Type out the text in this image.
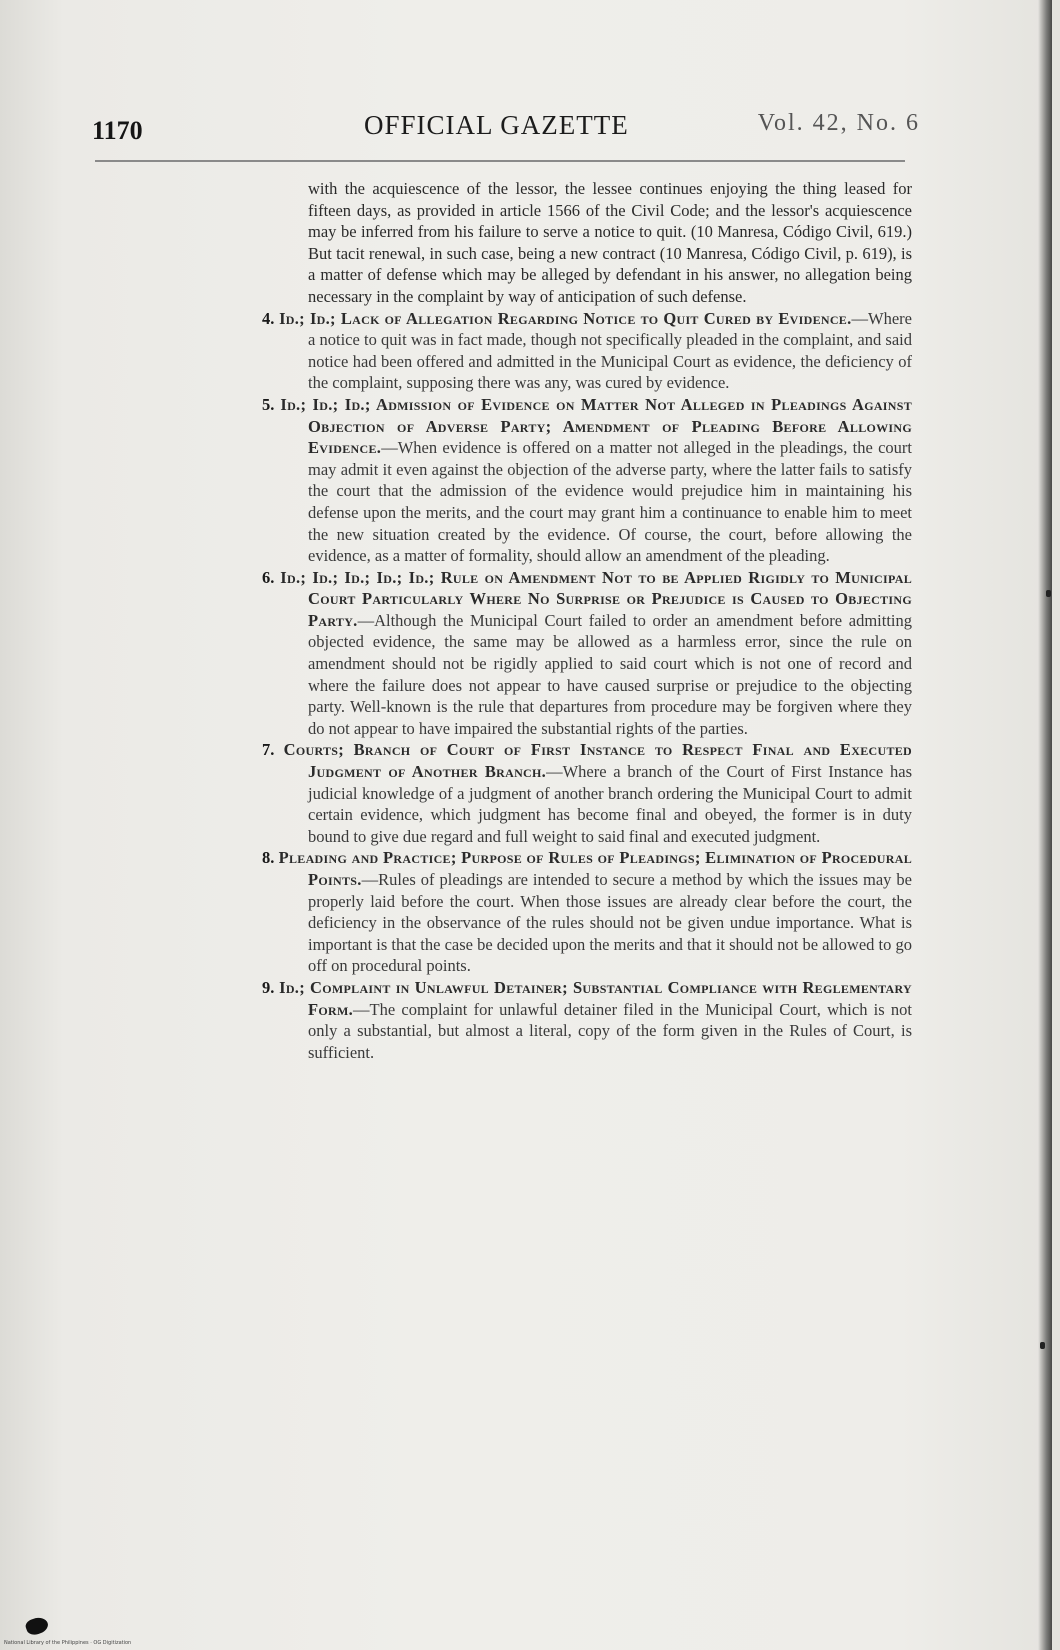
1170	OFFICIAL GAZETTE	Vol. 42, No. 6

with the acquiescence of the lessor, the lessee continues enjoying the thing leased for fifteen days, as provided in article 1566 of the Civil Code; and the lessor's acquiescence may be inferred from his failure to serve a notice to quit. (10 Manresa, Código Civil, 619.) But tacit renewal, in such case, being a new contract (10 Manresa, Código Civil, p. 619), is a matter of defense which may be alleged by defendant in his answer, no allegation being necessary in the complaint by way of anticipation of such defense.

4. Id.; Id.; Lack of Allegation Regarding Notice to Quit Cured by Evidence.—Where a notice to quit was in fact made, though not specifically pleaded in the complaint, and said notice had been offered and admitted in the Municipal Court as evidence, the deficiency of the complaint, supposing there was any, was cured by evidence.

5. Id.; Id.; Id.; Admission of Evidence on Matter Not Alleged in Pleadings Against Objection of Adverse Party; Amendment of Pleading Before Allowing Evidence.—When evidence is offered on a matter not alleged in the pleadings, the court may admit it even against the objection of the adverse party, where the latter fails to satisfy the court that the admission of the evidence would prejudice him in maintaining his defense upon the merits, and the court may grant him a continuance to enable him to meet the new situation created by the evidence. Of course, the court, before allowing the evidence, as a matter of formality, should allow an amendment of the pleading.

6. Id.; Id.; Id.; Id.; Id.; Rule on Amendment Not to be Applied Rigidly to Municipal Court Particularly Where No Surprise or Prejudice is Caused to Objecting Party.—Although the Municipal Court failed to order an amendment before admitting objected evidence, the same may be allowed as a harmless error, since the rule on amendment should not be rigidly applied to said court which is not one of record and where the failure does not appear to have caused surprise or prejudice to the objecting party. Well-known is the rule that departures from procedure may be forgiven where they do not appear to have impaired the substantial rights of the parties.

7. Courts; Branch of Court of First Instance to Respect Final and Executed Judgment of Another Branch.—Where a branch of the Court of First Instance has judicial knowledge of a judgment of another branch ordering the Municipal Court to admit certain evidence, which judgment has become final and obeyed, the former is in duty bound to give due regard and full weight to said final and executed judgment.

8. Pleading and Practice; Purpose of Rules of Pleadings; Elimination of Procedural Points.—Rules of pleadings are intended to secure a method by which the issues may be properly laid before the court. When those issues are already clear before the court, the deficiency in the observance of the rules should not be given undue importance. What is important is that the case be decided upon the merits and that it should not be allowed to go off on procedural points.

9. Id.; Complaint in Unlawful Detainer; Substantial Compliance with Reglementary Form.—The complaint for unlawful detainer filed in the Municipal Court, which is not only a substantial, but almost a literal, copy of the form given in the Rules of Court, is sufficient.

National Library of the Philippines · OG Digitization
